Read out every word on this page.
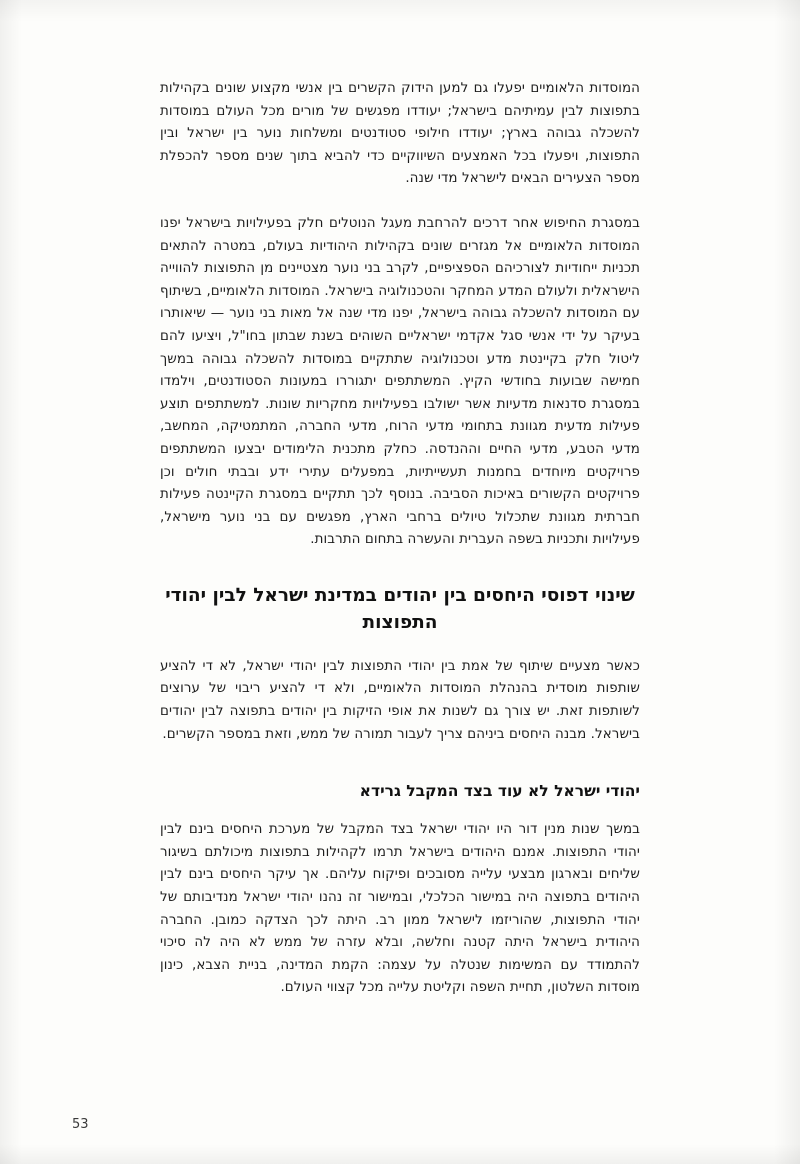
המוסדות הלאומיים יפעלו גם למען הידוק הקשרים בין אנשי מקצוע שונים בקהילות בתפוצות לבין עמיתיהם בישראל; יעודדו מפגשים של מורים מכל העולם במוסדות להשכלה גבוהה בארץ; יעודדו חילופי סטודנטים ומשלחות נוער בין ישראל ובין התפוצות, ויפעלו בכל האמצעים השיווקיים כדי להביא בתוך שנים מספר להכפלת מספר הצעירים הבאים לישראל מדי שנה.

במסגרת החיפוש אחר דרכים להרחבת מעגל הנוטלים חלק בפעילויות בישראל יפנו המוסדות הלאומיים אל מגזרים שונים בקהילות היהודיות בעולם, במטרה להתאים תכניות ייחודיות לצורכיהם הספציפיים, לקרב בני נוער מצטיינים מן התפוצות להווייה הישראלית ולעולם המדע המחקר והטכנולוגיה בישראל. המוסדות הלאומיים, בשיתוף עם המוסדות להשכלה גבוהה בישראל, יפנו מדי שנה אל מאות בני נוער — שיאותרו בעיקר על ידי אנשי סגל אקדמי ישראליים השוהים בשנת שבתון בחו"ל, ויציעו להם ליטול חלק בקיינטת מדע וטכנולוגיה שתתקיים במוסדות להשכלה גבוהה במשך חמישה שבועות בחודשי הקיץ. המשתתפים יתגוררו במעונות הסטודנטים, וילמדו במסגרת סדנאות מדעיות אשר ישולבו בפעילויות מחקריות שונות. למשתתפים תוצע פעילות מדעית מגוונת בתחומי מדעי הרוח, מדעי החברה, המתמטיקה, המחשב, מדעי הטבע, מדעי החיים וההנדסה. כחלק מתכנית הלימודים יבצעו המשתתפים פרויקטים מיוחדים בחמנות תעשייתיות, במפעלים עתירי ידע ובבתי חולים וכן פרויקטים הקשורים באיכות הסביבה. בנוסף לכך תתקיים במסגרת הקיינטה פעילות חברתית מגוונת שתכלול טיולים ברחבי הארץ, מפגשים עם בני נוער מישראל, פעילויות ותכניות בשפה העברית והעשרה בתחום התרבות.

שינוי דפוסי היחסים בין יהודים במדינת ישראל לבין יהודי התפוצות

כאשר מצעיים שיתוף של אמת בין יהודי התפוצות לבין יהודי ישראל, לא די להציע שותפות מוסדית בהנהלת המוסדות הלאומיים, ולא די להציע ריבוי של ערוצים לשותפות זאת. יש צורך גם לשנות את אופי הזיקות בין יהודים בתפוצה לבין יהודים בישראל. מבנה היחסים ביניהם צריך לעבור תמורה של ממש, וזאת במספר הקשרים.

יהודי ישראל לא עוד בצד המקבל גרידא

במשך שנות מנין דור היו יהודי ישראל בצד המקבל של מערכת היחסים בינם לבין יהודי התפוצות. אמנם היהודים בישראל תרמו לקהילות בתפוצות מיכולתם בשיגור שליחים ובארגון מבצעי עלייה מסובכים ופיקוח עליהם. אך עיקר היחסים בינם לבין היהודים בתפוצה היה במישור הכלכלי, ובמישור זה נהנו יהודי ישראל מנדיבותם של יהודי התפוצות, שהוריזמו לישראל ממון רב. היתה לכך הצדקה כמובן. החברה היהודית בישראל היתה קטנה וחלשה, ובלא עזרה של ממש לא היה לה סיכוי להתמודד עם המשימות שנטלה על עצמה: הקמת המדינה, בניית הצבא, כינון מוסדות השלטון, תחיית השפה וקליטת עלייה מכל קצווי העולם.

53
